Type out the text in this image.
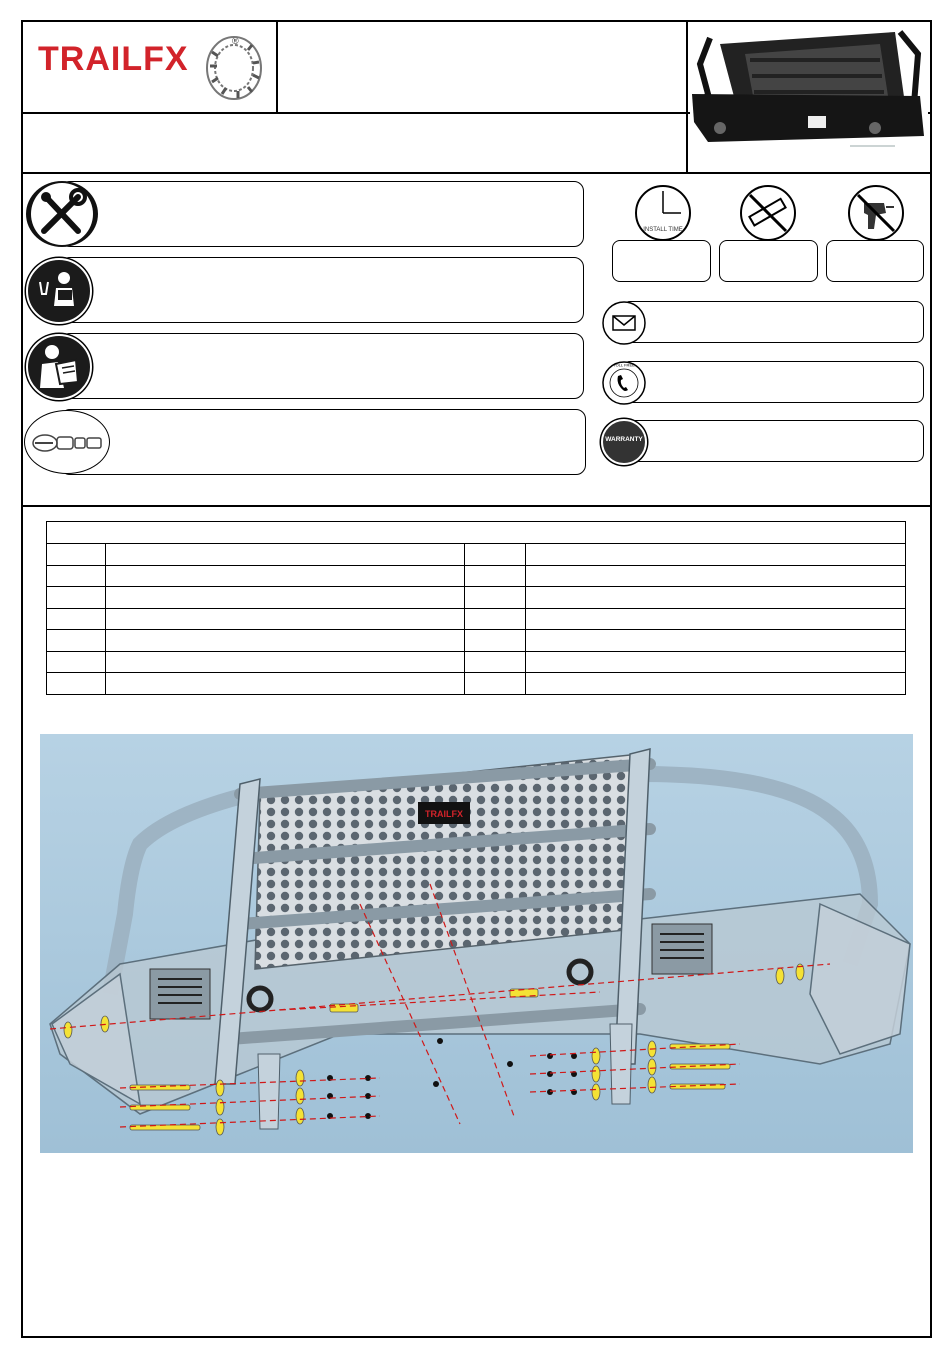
TRAILFX	®
INSTALL TIME
TOLL FREE
WARRANTY

TRAILFX
